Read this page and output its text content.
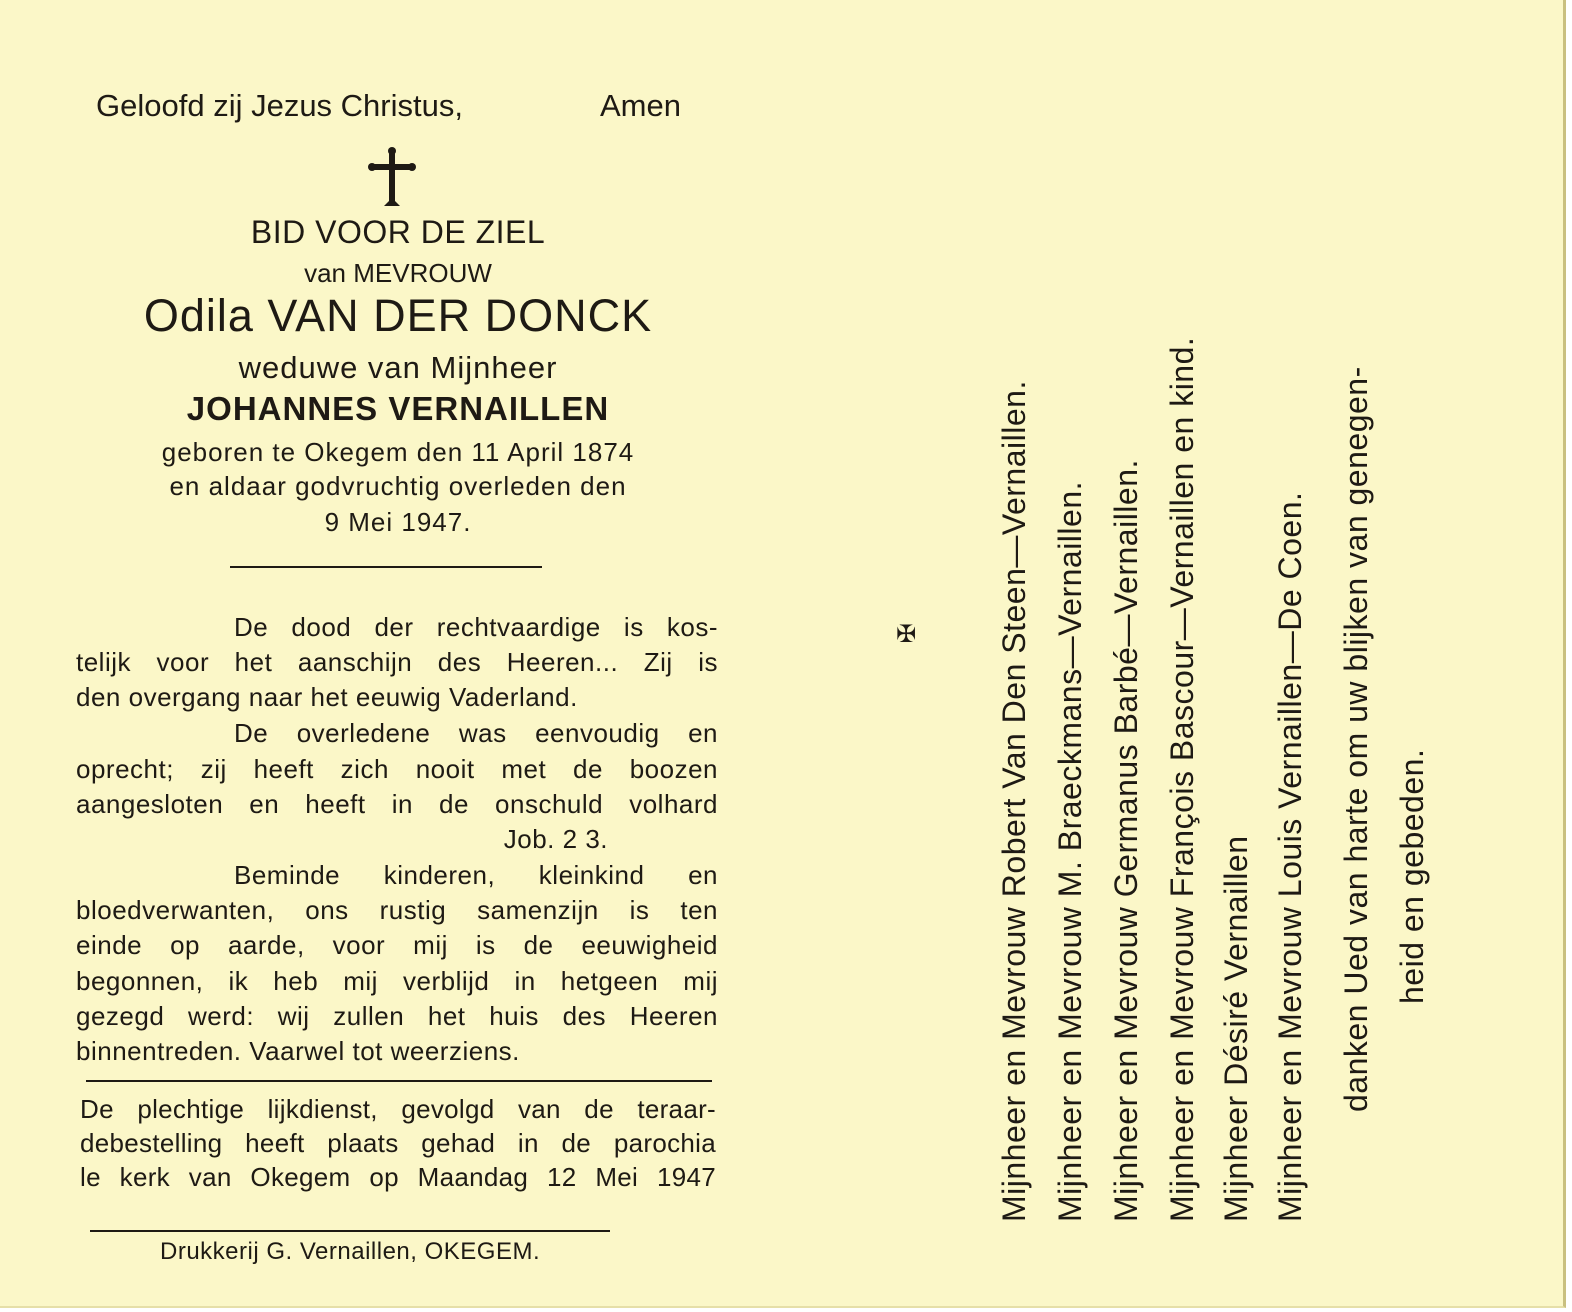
Geloofd zij Jezus Christus,	Amen
BID VOOR DE ZIEL
van MEVROUW
Odila VAN DER DONCK
weduwe van Mijnheer
JOHANNES VERNAILLEN
geboren te Okegem den 11 April 1874
en aldaar godvruchtig overleden den
9 Mei 1947.
De dood der rechtvaardige is kos-
telijk voor het aanschijn des Heeren... Zij is
den overgang naar het eeuwig Vaderland.
De overledene was eenvoudig en
oprecht; zij heeft zich nooit met de boozen
aangesloten en heeft in de onschuld volhard
Job. 2 3.
Beminde kinderen, kleinkind en
bloedverwanten, ons rustig samenzijn is ten
einde op aarde, voor mij is de eeuwigheid
begonnen, ik heb mij verblijd in hetgeen mij
gezegd werd: wij zullen het huis des Heeren
binnentreden. Vaarwel tot weerziens.
De plechtige lijkdienst, gevolgd van de teraar-
debestelling heeft plaats gehad in de parochia
le kerk van Okegem op Maandag 12 Mei 1947
Drukkerij G. Vernaillen, OKEGEM.
✠ Mijnheer en Mevrouw Robert Van Den Steen—Vernaillen. Mijnheer en Mevrouw M. Braeckmans—Vernaillen. Mijnheer en Mevrouw Germanus Barbé—Vernaillen. Mijnheer en Mevrouw François Bascour—Vernaillen en kind. Mijnheer Désiré Vernaillen Mijnheer en Mevrouw Louis Vernaillen—De Coen. danken Ued van harte om uw blijken van genegen- heid en gebeden.
